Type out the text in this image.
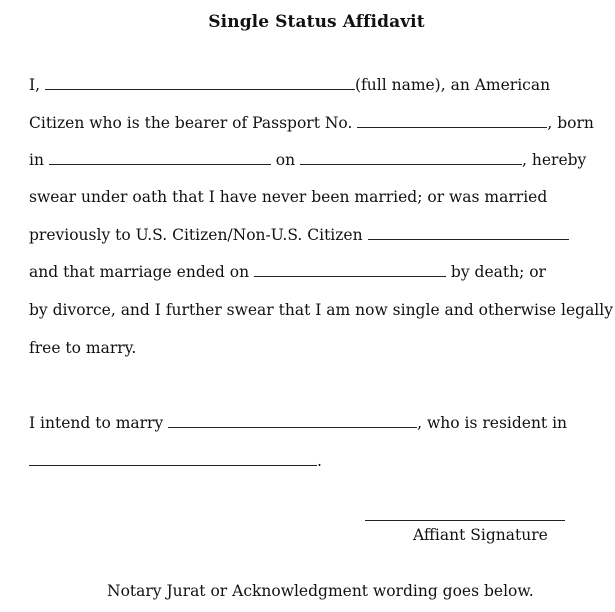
Single Status Affidavit
I,	(full name), an American
Citizen who is the bearer of Passport No.	, born
in	on	, hereby
swear under oath that I have never been married; or was married
previously to U.S. Citizen/Non-U.S. Citizen
and that marriage ended on	by death; or
by divorce, and I further swear that I am now single and otherwise legally
free to marry.
I intend to marry	, who is resident in
.
Affiant Signature
Notary Jurat or Acknowledgment wording goes below.
